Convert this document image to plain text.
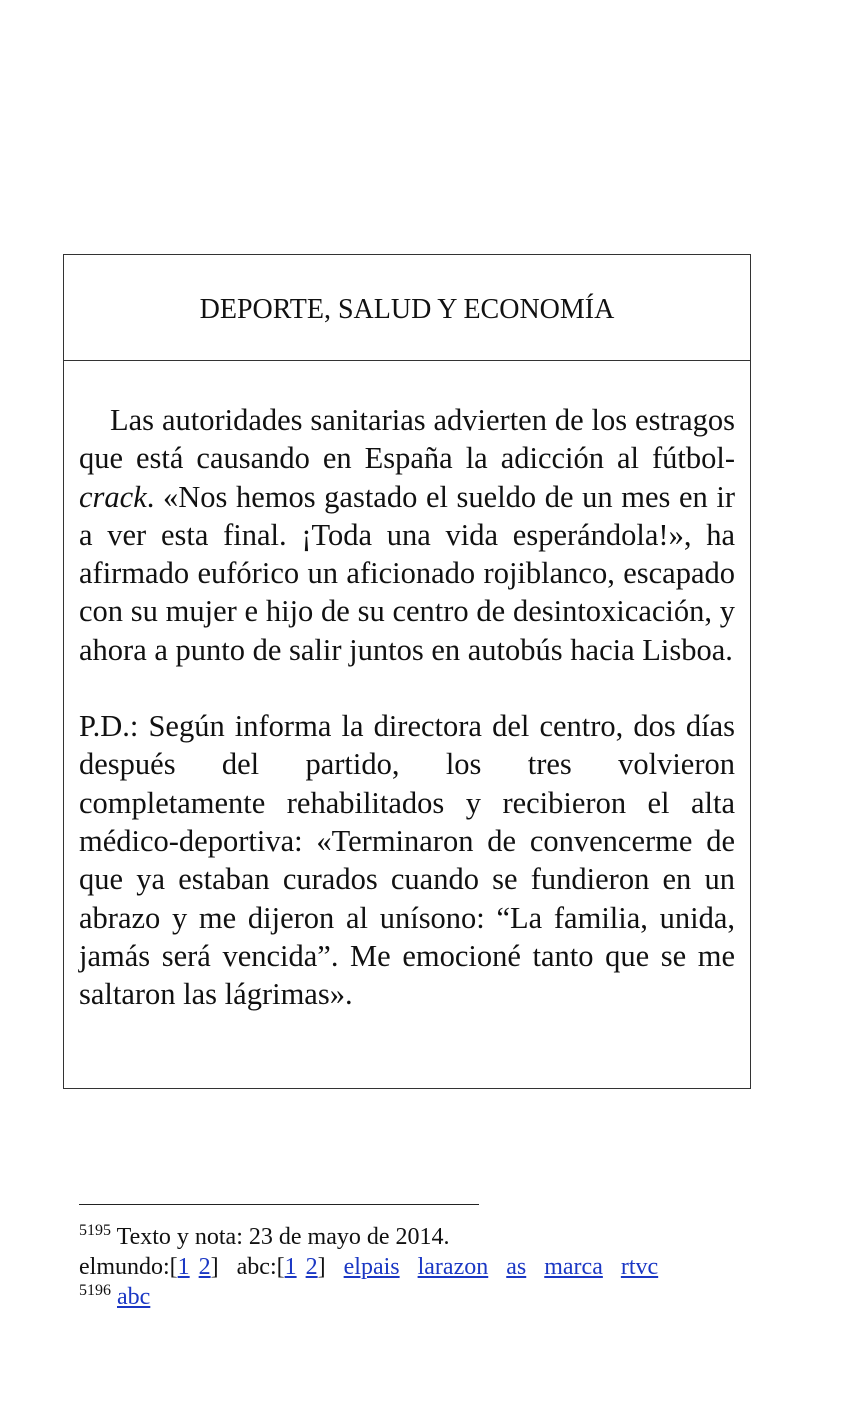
DEPORTE, SALUD Y ECONOMÍA

Las autoridades sanitarias advierten de los estragos que está causando en España la adicción al fútbol-crack. «Nos hemos gastado el sueldo de un mes en ir a ver esta final. ¡Toda una vida esperándola!», ha afirmado eufórico un aficionado rojiblanco, escapado con su mujer e hijo de su centro de desintoxicación, y ahora a punto de salir juntos en autobús hacia Lisboa.

P.D.: Según informa la directora del centro, dos días después del partido, los tres volvieron completamente rehabilitados y recibieron el alta médico-deportiva: «Terminaron de convencerme de que ya estaban curados cuando se fundieron en un abrazo y me dijeron al unísono: “La familia, unida, jamás será vencida”. Me emocioné tanto que se me saltaron las lágrimas».

$^{5195}$ Texto y nota: 23 de mayo de 2014.
elmundo:[1 2] abc:[1 2] elpais larazon as marca rtvc
$^{5196}$ abc
